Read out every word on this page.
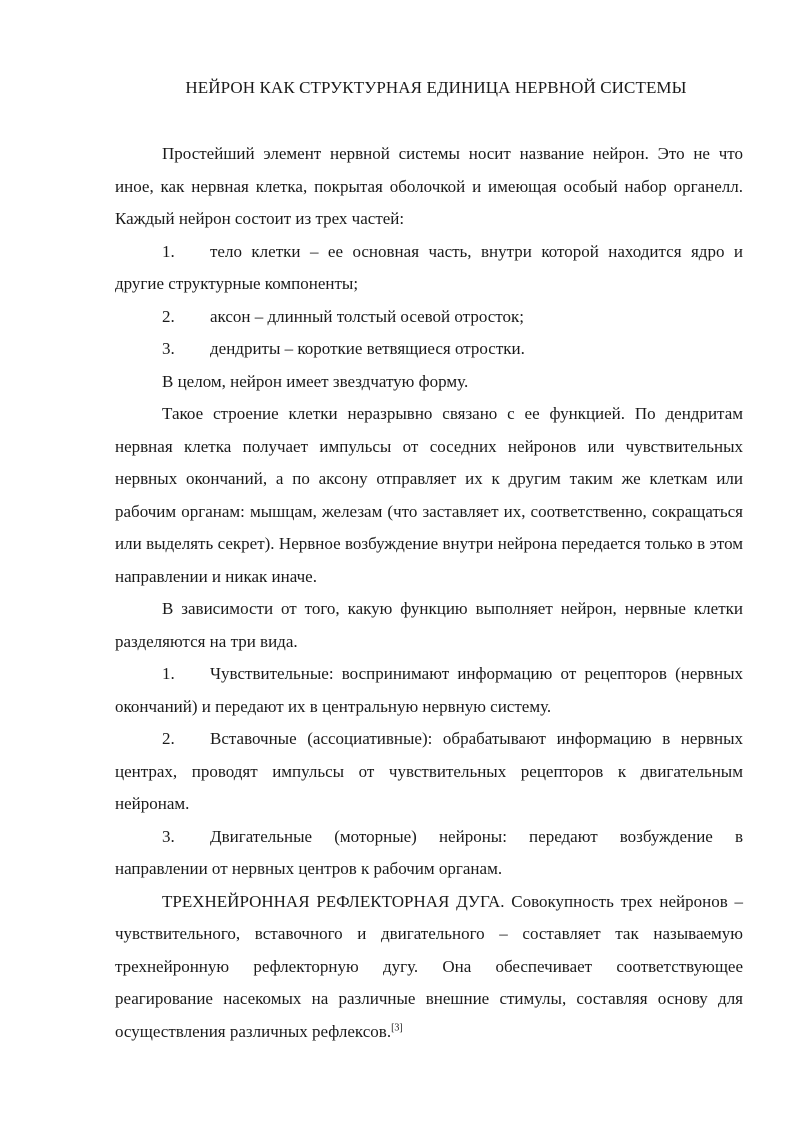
НЕЙРОН КАК СТРУКТУРНАЯ ЕДИНИЦА НЕРВНОЙ СИСТЕМЫ

Простейший элемент нервной системы носит название нейрон. Это не что иное, как нервная клетка, покрытая оболочкой и имеющая особый набор органелл. Каждый нейрон состоит из трех частей:

1. тело клетки – ее основная часть, внутри которой находится ядро и другие структурные компоненты;
2. аксон – длинный толстый осевой отросток;
3. дендриты – короткие ветвящиеся отростки.

В целом, нейрон имеет звездчатую форму.

Такое строение клетки неразрывно связано с ее функцией. По дендритам нервная клетка получает импульсы от соседних нейронов или чувствительных нервных окончаний, а по аксону отправляет их к другим таким же клеткам или рабочим органам: мышцам, железам (что заставляет их, соответственно, сокращаться или выделять секрет). Нервное возбуждение внутри нейрона передается только в этом направлении и никак иначе.

В зависимости от того, какую функцию выполняет нейрон, нервные клетки разделяются на три вида.

1. Чувствительные: воспринимают информацию от рецепторов (нервных окончаний) и передают их в центральную нервную систему.
2. Вставочные (ассоциативные): обрабатывают информацию в нервных центрах, проводят импульсы от чувствительных рецепторов к двигательным нейронам.
3. Двигательные (моторные) нейроны: передают возбуждение в направлении от нервных центров к рабочим органам.

ТРЕХНЕЙРОННАЯ РЕФЛЕКТОРНАЯ ДУГА. Совокупность трех нейронов – чувствительного, вставочного и двигательного – составляет так называемую трехнейронную рефлекторную дугу. Она обеспечивает соответствующее реагирование насекомых на различные внешние стимулы, составляя основу для осуществления различных рефлексов.[3]
